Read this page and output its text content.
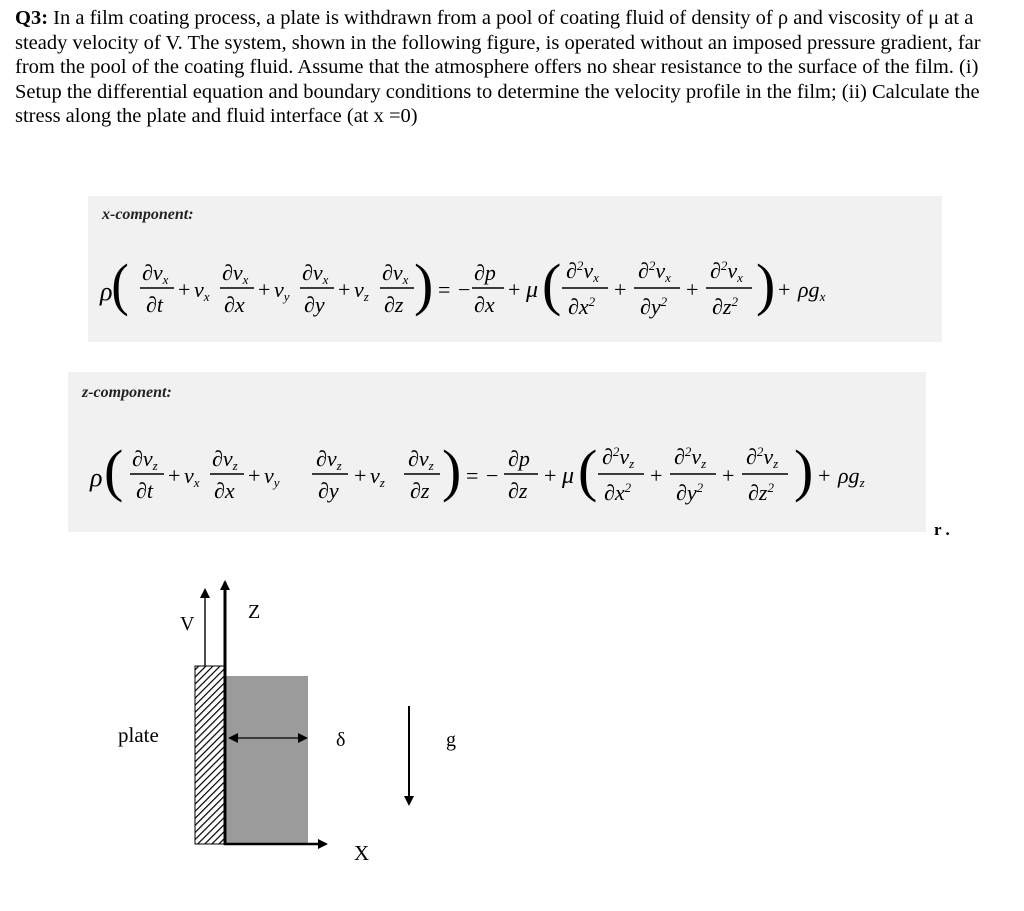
Q3: In a film coating process, a plate is withdrawn from a pool of coating fluid of density of ρ and viscosity of μ at a steady velocity of V. The system, shown in the following figure, is operated without an imposed pressure gradient, far from the pool of the coating fluid. Assume that the atmosphere offers no shear resistance to the surface of the film. (i) Setup the differential equation and boundary conditions to determine the velocity profile in the film; (ii) Calculate the stress along the plate and fluid interface (at x =0)
x-component:
ρ
( ∂vx
∂t
+ vx
∂vx
∂x
+ vy
∂vx
∂y
+ vz
∂vx
∂z ) = −
∂p
∂x
+ μ ( ∂$^2$vx
$\partial x^2$ +
∂$^2$vx
$\partial y^2$ +
∂$^2$vx
$\partial z^2$ ) + ρgx
z-component:
ρ ( ∂vz
∂t
+ vx
∂vz
∂x
+ vy
∂vz
∂y
+ vz
∂vz
∂z ) = −
∂p
∂z
+ μ ( ∂$^2$vz
$\partial x^2$ +
∂$^2$vz
$\partial y^2$ +
∂$^2$vz
$\partial z^2$ ) + ρgz
r .
V
Z
plate	δ	g
X
